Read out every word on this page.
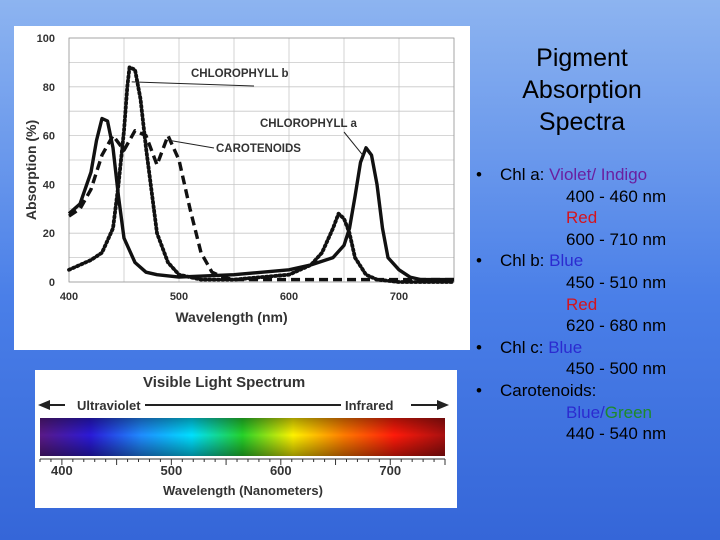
0
20
40
60
80
100
400	500	600	700
Wavelength (nm)
Absorption (%)
CHLOROPHYLL b
CHLOROPHYLL a
CAROTENOIDS
Visible Light Spectrum
Ultraviolet	Infrared
400	500	600	700
Wavelength (Nanometers)
Pigment
Absorption
Spectra
• Chl a: Violet/ Indigo
400 - 460 nm
Red
600 - 710 nm
• Chl b: Blue
450 - 510 nm
Red
620 - 680 nm
• Chl c: Blue
450 - 500 nm
• Carotenoids:
Blue/Green
440 - 540 nm
